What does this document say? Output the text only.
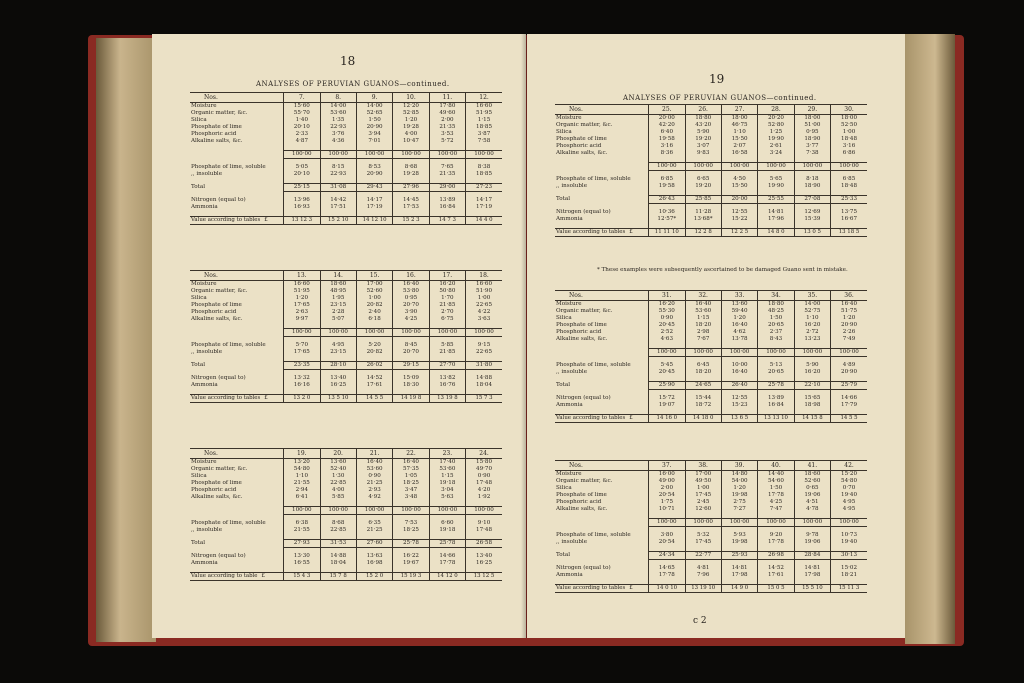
18
ANALYSES OF PERUVIAN GUANOS—continued.
Nos.	7.	8.	9.	10.	11.	12.
Moisture	15·60	14·00	14·00	12·20	17·80	16·60
Organic matter, &c.	55·70	53·60	52·65	52·85	49·60	51·95
Silica	1·40	1·35	1·50	1·20	2·00	1·15
Phosphate of lime	20·10	22·93	20·90	19·28	21·35	18·85
Phosphoric acid	2·33	3·76	3·94	4·00	3·53	3·87
Alkaline salts, &c.	4·87	4·36	7·01	10·47	5·72	7·58

	100·00	100·00	100·00	100·00	100·00	100·00

Phosphate of lime, soluble	5·05	8·15	8·53	8·68	7·65	8·38
,, insoluble	20·10	22·93	20·90	19·28	21·35	18·85

Total	25·15	31·08	29·43	27·96	29·00	27·23

Nitrogen (equal to)	13·96	14·42	14·17	14·45	13·89	14·17
Ammonia	16·93	17·51	17·19	17·53	16·84	17·19

Value according to tables £	13 12 3	15 2 10	14 12 10	15 2 3	14 7 3	14 4 0
Nos.	13.	14.	15.	16.	17.	18.
Moisture	16·60	18·60	17·00	16·40	16·20	16·60
Organic matter, &c.	51·95	48·95	52·60	53·80	50·80	51·90
Silica	1·20	1·95	1·00	0·95	1·70	1·00
Phosphate of lime	17·65	23·15	20·82	20·70	21·85	22·65
Phosphoric acid	2·63	2·28	2·40	3·90	2·70	4·22
Alkaline salts, &c.	9·97	5·07	6·18	4·25	6·75	3·63

	100·00	100·00	100·00	100·00	100·00	100·00

Phosphate of lime, soluble	5·70	4·95	5·20	8·45	5·85	9·15
,, insoluble	17·65	23·15	20·82	20·70	21·85	22·65

Total	23·35	28·10	26·02	29·15	27·70	31·80

Nitrogen (equal to)	13·32	13·40	14·52	15·09	13·82	14·88
Ammonia	16·16	16·25	17·61	18·30	16·76	18·04

Value according to tables £	13 2 0	13 5 10	14 5 5	14 19 8	13 19 8	15 7 3
Nos.	19.	20.	21.	22.	23.	24.
Moisture	13·20	13·60	16·40	16·40	17·40	15·80
Organic matter, &c.	54·80	52·40	53·60	57·35	53·60	49·70
Silica	1·10	1·30	0·90	1·05	1·15	0·90
Phosphate of lime	21·55	22·85	21·25	18·25	19·18	17·48
Phosphoric acid	2·94	4·00	2·93	3·47	3·04	4·20
Alkaline salts, &c.	6·41	5·85	4·92	3·48	5·63	1·92

	100·00	100·00	100·00	100·00	100·00	100·00

Phosphate of lime, soluble	6·38	8·68	6·35	7·53	6·60	9·10
,, insoluble	21·55	22·85	21·25	18·25	19·18	17·48

Total	27·93	31·53	27·60	25·78	25·78	26·58

Nitrogen (equal to)	13·30	14·88	13·63	16·22	14·66	13·40
Ammonia	16·55	18·04	16·98	19·67	17·78	16·25

Value according to table £	15 4 3	15 7 8	15 2 0	15 19 3	14 12 0	13 12 5
19
ANALYSES OF PERUVIAN GUANOS—continued.
Nos.	25.	26.	27.	28.	29.	30.
Moisture	20·00	18·80	18·00	20·20	18·00	18·00
Organic matter, &c.	42·20	43·20	46·75	52·80	51·00	52·50
Silica	6·40	5·90	1·10	1·25	0·95	1·00
Phosphate of lime	19·58	19·20	15·50	19·90	18·90	18·48
Phosphoric acid	3·16	3·07	2·07	2·61	3·77	3·16
Alkaline salts, &c.	8·36	9·83	16·58	3·24	7·38	6·86

	100·00	100·00	100·00	100·00	100·00	100·00

Phosphate of lime, soluble	6·85	6·65	4·50	5·65	8·18	6·85
,, insoluble	19·58	19·20	15·50	19·90	18·90	18·48

Total	26·43	25·85	20·00	25·55	27·08	25·33

Nitrogen (equal to)	10·36	11·28	12·55	14·81	12·69	13·75
Ammonia	12·57*	13·68*	15·22	17·96	15·39	16·67

Value according to tables £	11 11 10	12 2 8	12 2 5	14 8 0	13 0 5	13 18 5
* These examples were subsequently ascertained to be damaged Guano sent in mistake.
Nos.	31.	32.	33.	34.	35.	36.
Moisture	16·20	16·40	13·60	18·80	14·00	16·40
Organic matter, &c.	55·30	53·60	59·40	48·25	52·75	51·75
Silica	0·90	1·15	1·20	1·50	1·10	1·20
Phosphate of lime	20·45	18·20	16·40	20·65	16·20	20·90
Phosphoric acid	2·52	2·98	4·62	2·37	2·72	2·26
Alkaline salts, &c.	4·63	7·67	13·78	8·43	13·23	7·49

	100·00	100·00	100·00	100·00	100·00	100·00

Phosphate of lime, soluble	5·45	6·45	10·00	5·13	5·90	4·89
,, insoluble	20·45	18·20	16·40	20·65	16·20	20·90

Total	25·90	24·65	26·40	25·78	22·10	25·79

Nitrogen (equal to)	15·72	15·44	12·55	13·89	15·65	14·66
Ammonia	19·07	18·72	15·23	16·84	18·98	17·79

Value according to tables £	14 16 0	14 18 0	13 6 5	13 13 10	14 15 8	14 5 5
Nos.	37.	38.	39.	40.	41.	42.
Moisture	16·00	17·00	14·80	14·40	18·60	15·20
Organic matter, &c.	49·00	49·50	54·00	54·60	52·60	54·80
Silica	2·00	1·00	1·20	1·50	0·65	0·70
Phosphate of lime	20·54	17·45	19·98	17·78	19·06	19·40
Phosphoric acid	1·75	2·45	2·75	4·25	4·51	4·95
Alkaline salts, &c.	10·71	12·60	7·27	7·47	4·78	4·95

	100·00	100·00	100·00	100·00	100·00	100·00

Phosphate of lime, soluble	3·80	5·32	5·93	9·20	9·78	10·73
,, insoluble	20·54	17·45	19·98	17·78	19·06	19·40

Total	24·34	22·77	25·93	26·98	28·84	30·13

Nitrogen (equal to)	14·65	4·81	14·81	14·52	14·81	15·02
Ammonia	17·78	7·96	17·98	17·61	17·98	18·21

Value according to tables £	14 0 10	13 19 10	14 9 0	15 0 5	15 5 10	15 11 3
c 2
